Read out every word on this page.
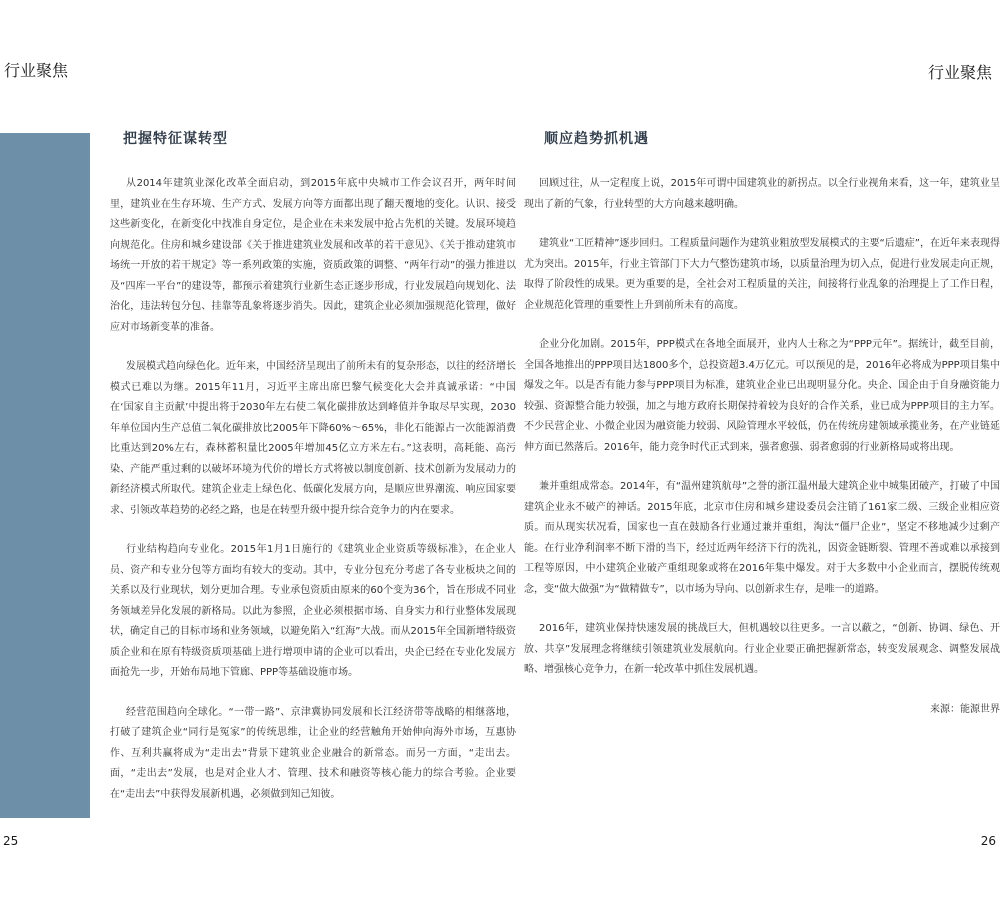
行业聚焦	行业聚焦
把握特征谋转型

从2014年建筑业深化改革全面启动，到2015年底中央城市工作会议召开，两年时间里，建筑业在生存环境、生产方式、发展方向等方面都出现了翻天覆地的变化。认识、接受这些新变化，在新变化中找准自身定位，是企业在未来发展中抢占先机的关键。发展环境趋向规范化。住房和城乡建设部《关于推进建筑业发展和改革的若干意见》、《关于推动建筑市场统一开放的若干规定》等一系列政策的实施，资质政策的调整、“两年行动”的强力推进以及“四库一平台”的建设等，都预示着建筑行业新生态正逐步形成，行业发展趋向规划化、法治化，违法转包分包、挂靠等乱象将逐步消失。因此，建筑企业必须加强规范化管理，做好应对市场新变革的准备。

发展模式趋向绿色化。近年来，中国经济呈现出了前所未有的复杂形态，以往的经济增长模式已难以为继。2015年11月，习近平主席出席巴黎气候变化大会并真诚承诺：“中国在‘国家自主贡献’中提出将于2030年左右使二氧化碳排放达到峰值并争取尽早实现，2030年单位国内生产总值二氧化碳排放比2005年下降60%～65%，非化石能源占一次能源消费比重达到20%左右，森林蓄积量比2005年增加45亿立方米左右。”这表明，高耗能、高污染、产能严重过剩的以破坏环境为代价的增长方式将被以制度创新、技术创新为发展动力的新经济模式所取代。建筑企业走上绿色化、低碳化发展方向，是顺应世界潮流、响应国家要求、引领改革趋势的必经之路，也是在转型升级中提升综合竞争力的内在要求。

行业结构趋向专业化。2015年1月1日施行的《建筑业企业资质等级标准》，在企业人员、资产和专业分包等方面均有较大的变动。其中，专业分包充分考虑了各专业板块之间的关系以及行业现状，划分更加合理。专业承包资质由原来的60个变为36个，旨在形成不同业务领域差异化发展的新格局。以此为参照，企业必须根据市场、自身实力和行业整体发展现状，确定自己的目标市场和业务领域，以避免陷入“红海”大战。而从2015年全国新增特级资质企业和在原有特级资质项基础上进行增项申请的企业可以看出，央企已经在专业化发展方面抢先一步，开始布局地下管廊、PPP等基础设施市场。

经营范围趋向全球化。“一带一路”、京津冀协同发展和长江经济带等战略的相继落地，打破了建筑企业“同行是冤家”的传统思维，让企业的经营触角开始伸向海外市场，互惠协作、互利共赢将成为“走出去”背景下建筑业企业融合的新常态。而另一方面，“走出去。面，“走出去”发展，也是对企业人才、管理、技术和融资等核心能力的综合考验。企业要在“走出去”中获得发展新机遇，必须做到知己知彼。

顺应趋势抓机遇

回顾过往，从一定程度上说，2015年可谓中国建筑业的新拐点。以全行业视角来看，这一年，建筑业呈现出了新的气象，行业转型的大方向越来越明确。

建筑业“工匠精神”逐步回归。工程质量问题作为建筑业粗放型发展模式的主要“后遗症”，在近年来表现得尤为突出。2015年，行业主管部门下大力气整饬建筑市场，以质量治理为切入点，促进行业发展走向正规，取得了阶段性的成果。更为重要的是，全社会对工程质量的关注，间接将行业乱象的治理提上了工作日程，企业规范化管理的重要性上升到前所未有的高度。

企业分化加剧。2015年，PPP模式在各地全面展开，业内人士称之为“PPP元年”。据统计，截至目前，全国各地推出的PPP项目达1800多个，总投资超3.4万亿元。可以预见的是，2016年必将成为PPP项目集中爆发之年。以是否有能力参与PPP项目为标准，建筑业企业已出现明显分化。央企、国企由于自身融资能力较强、资源整合能力较强，加之与地方政府长期保持着较为良好的合作关系，业已成为PPP项目的主力军。不少民营企业、小微企业因为融资能力较弱、风险管理水平较低，仍在传统房建领域承揽业务，在产业链延伸方面已然落后。2016年，能力竞争时代正式到来，强者愈强、弱者愈弱的行业新格局或将出现。

兼并重组成常态。2014年，有“温州建筑航母”之誉的浙江温州最大建筑企业中城集团破产，打破了中国建筑企业永不破产的神话。2015年底，北京市住房和城乡建设委员会注销了161家二级、三级企业相应资质。而从现实状况看，国家也一直在鼓励各行业通过兼并重组，淘汰“僵尸企业”，坚定不移地减少过剩产能。在行业净利润率不断下滑的当下，经过近两年经济下行的洗礼，因资金链断裂、管理不善或难以承接到工程等原因，中小建筑企业破产重组现象或将在2016年集中爆发。对于大多数中小企业而言，摆脱传统观念，变“做大做强”为“做精做专”，以市场为导向、以创新求生存，是唯一的道路。

2016年，建筑业保持快速发展的挑战巨大，但机遇较以往更多。一言以蔽之，“创新、协调、绿色、开放、共享”发展理念将继续引领建筑业发展航向。行业企业要正确把握新常态，转变发展观念、调整发展战略、增强核心竞争力，在新一轮改革中抓住发展机遇。

来源：能源世界
25	26
